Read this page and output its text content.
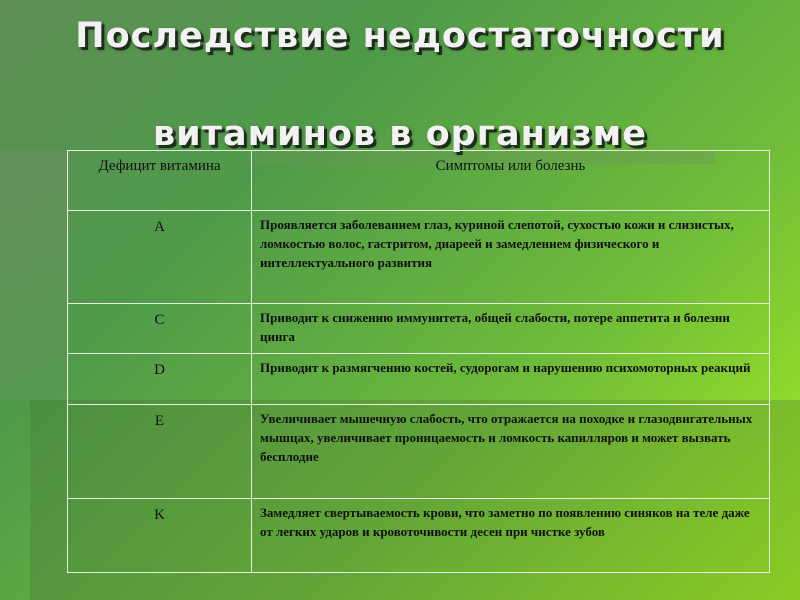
Последствие недостаточности
витаминов в организме
Дефицит витамина	Симптомы или болезнь
A	Проявляется заболеванием глаз, куриной слепотой, сухостью кожи и слизистых, ломкостью волос, гастритом, диареей и замедлением физического и интеллектуального развития
C	Приводит к снижению иммунитета, общей слабости, потере аппетита и болезни цинга
D	Приводит к размягчению костей, судорогам и нарушению психомоторных реакций
E	Увеличивает мышечную слабость, что отражается на походке и глазодвигательных мышцах, увеличивает проницаемость и ломкость капилляров и может вызвать бесплодие
K	Замедляет свертываемость крови, что заметно по появлению синяков на теле даже от легких ударов и кровоточивости десен при чистке зубов
